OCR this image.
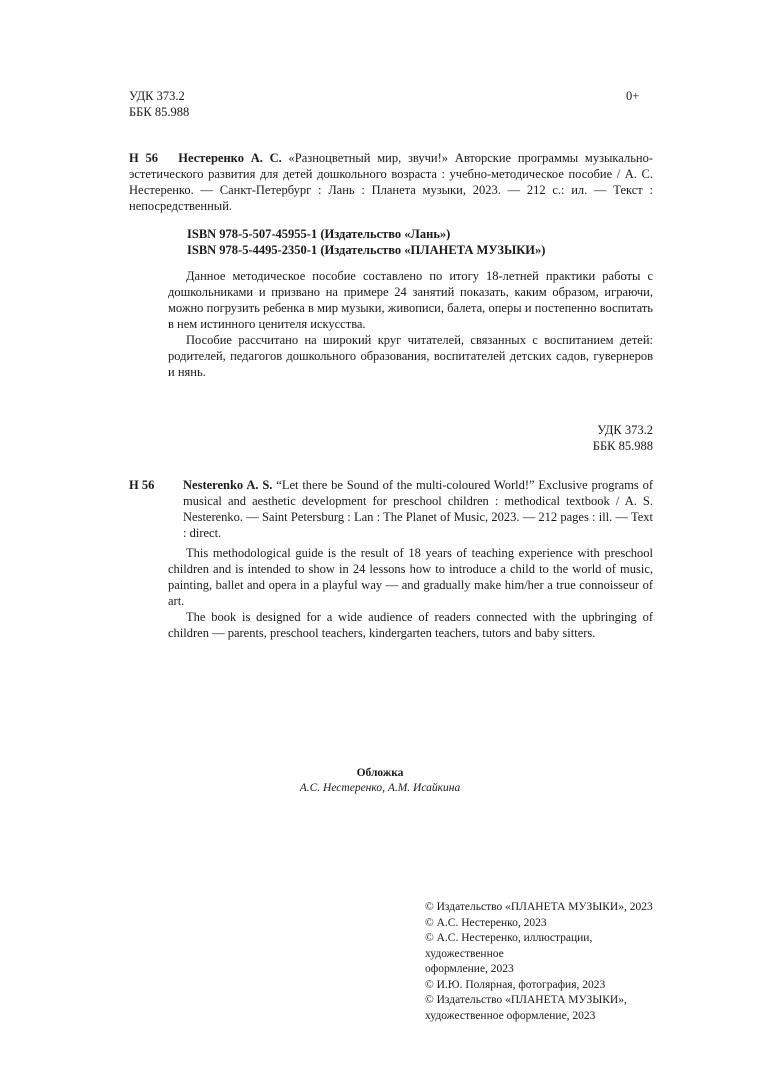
УДК 373.2
ББК 85.988
0+
Н 56 Нестеренко А. С. «Разноцветный мир, звучи!» Авторские программы музыкально-эстетического развития для детей дошкольного возраста : учебно-методическое пособие / А. С. Нестеренко. — Санкт-Петербург : Лань : Планета музыки, 2023. — 212 с.: ил. — Текст : непосредственный.
ISBN 978-5-507-45955-1 (Издательство «Лань»)
ISBN 978-5-4495-2350-1 (Издательство «ПЛАНЕТА МУЗЫКИ»)

Данное методическое пособие составлено по итогу 18-летней практики работы с дошкольниками и призвано на примере 24 занятий показать, каким образом, играючи, можно погрузить ребенка в мир музыки, живописи, балета, оперы и постепенно воспитать в нем истинного ценителя искусства.

Пособие рассчитано на широкий круг читателей, связанных с воспитанием детей: родителей, педагогов дошкольного образования, воспитателей детских садов, гувернеров и нянь.

УДК 373.2
ББК 85.988
Н 56 Nesterenko A. S. “Let there be Sound of the multi-coloured World!” Exclusive programs of musical and aesthetic development for preschool children : methodical textbook / A. S. Nesterenko. — Saint Petersburg : Lan : The Planet of Music, 2023. — 212 pages : ill. — Text : direct.

This methodological guide is the result of 18 years of teaching experience with preschool children and is intended to show in 24 lessons how to introduce a child to the world of music, painting, ballet and opera in a playful way — and gradually make him/her a true connoisseur of art.

The book is designed for a wide audience of readers connected with the upbringing of children — parents, preschool teachers, kindergarten teachers, tutors and baby sitters.

Обложка
А.С. Нестеренко, А.М. Исайкина
© Издательство «ПЛАНЕТА МУЗЫКИ», 2023
© А.С. Нестеренко, 2023
© А.С. Нестеренко, иллюстрации, художественное
оформление, 2023
© И.Ю. Полярная, фотография, 2023
© Издательство «ПЛАНЕТА МУЗЫКИ»,
художественное оформление, 2023
